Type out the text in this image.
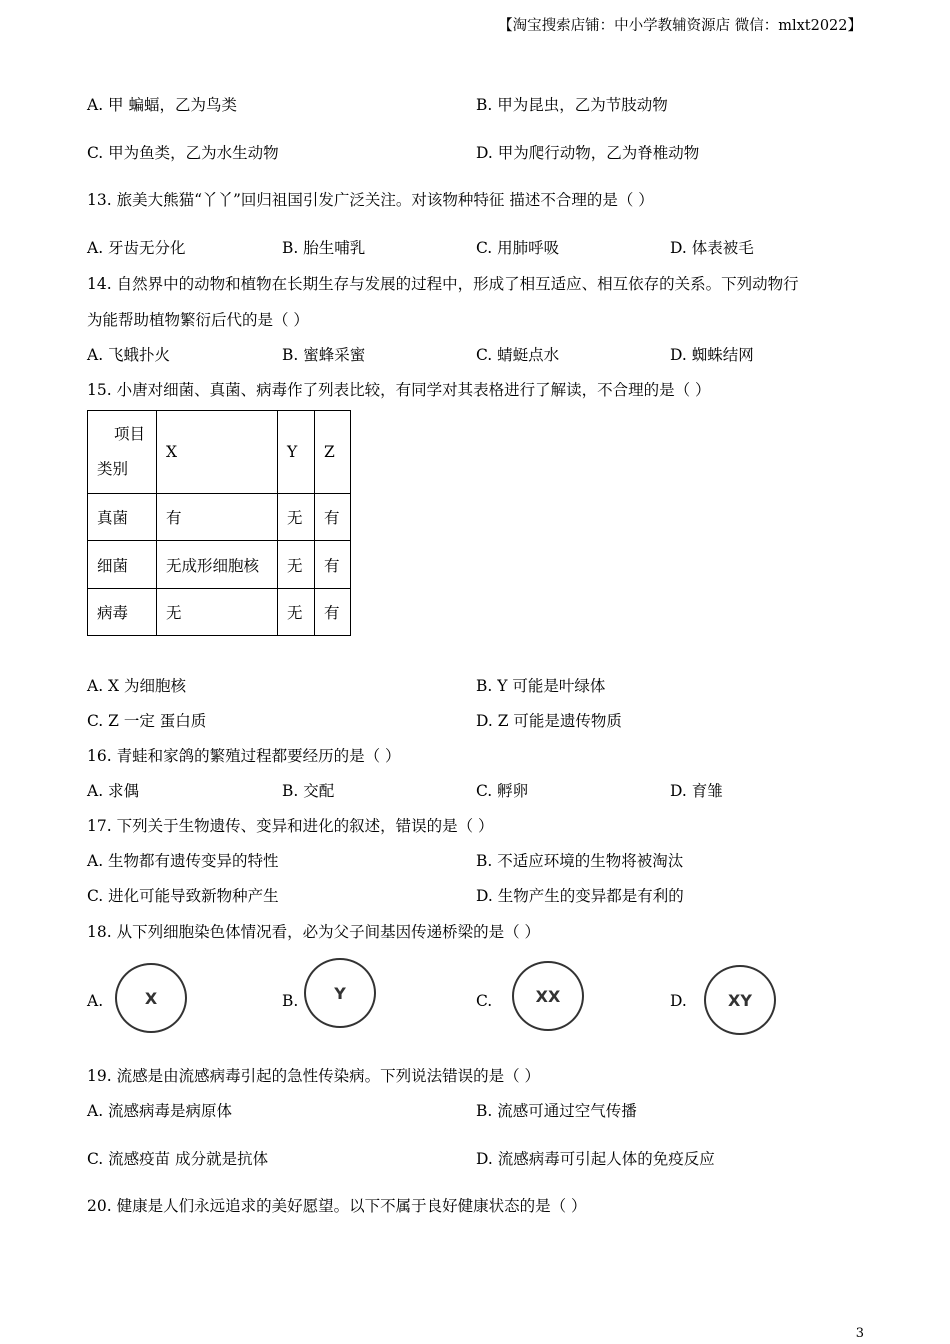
【淘宝搜索店铺：中小学教辅资源店 微信：mlxt2022】
A. 甲 蝙蝠，乙为鸟类	B. 甲为昆虫，乙为节肢动物
C. 甲为鱼类，乙为水生动物	D. 甲为爬行动物，乙为脊椎动物
13. 旅美大熊猫“丫丫”回归祖国引发广泛关注。对该物种特征 描述不合理的是（ ）
A. 牙齿无分化	B. 胎生哺乳	C. 用肺呼吸	D. 体表被毛
14. 自然界中的动物和植物在长期生存与发展的过程中，形成了相互适应、相互依存的关系。下列动物行
为能帮助植物繁衍后代的是（ ）
A. 飞蛾扑火	B. 蜜蜂采蜜	C. 蜻蜓点水	D. 蜘蛛结网
15. 小唐对细菌、真菌、病毒作了列表比较，有同学对其表格进行了解读，不合理的是（ ）
项目
类别	X	Y	Z
真菌	有	无	有
细菌	无成形细胞核	无	有
病毒	无	无	有
A. X 为细胞核	B. Y 可能是叶绿体
C. Z 一定 蛋白质	D. Z 可能是遗传物质
16. 青蛙和家鸽的繁殖过程都要经历的是（ ）
A. 求偶	B. 交配	C. 孵卵	D. 育雏
17. 下列关于生物遗传、变异和进化的叙述，错误的是（ ）
A. 生物都有遗传变异的特性	B. 不适应环境的生物将被淘汰
C. 进化可能导致新物种产生	D. 生物产生的变异都是有利的
18. 从下列细胞染色体情况看，必为父子间基因传递桥梁的是（ ）
A.	X	B.	Y	C.	XX	D.	XY
19. 流感是由流感病毒引起的急性传染病。下列说法错误的是（ ）
A. 流感病毒是病原体	B. 流感可通过空气传播
C. 流感疫苗 成分就是抗体	D. 流感病毒可引起人体的免疫反应
20. 健康是人们永远追求的美好愿望。以下不属于良好健康状态的是（ ）
3
